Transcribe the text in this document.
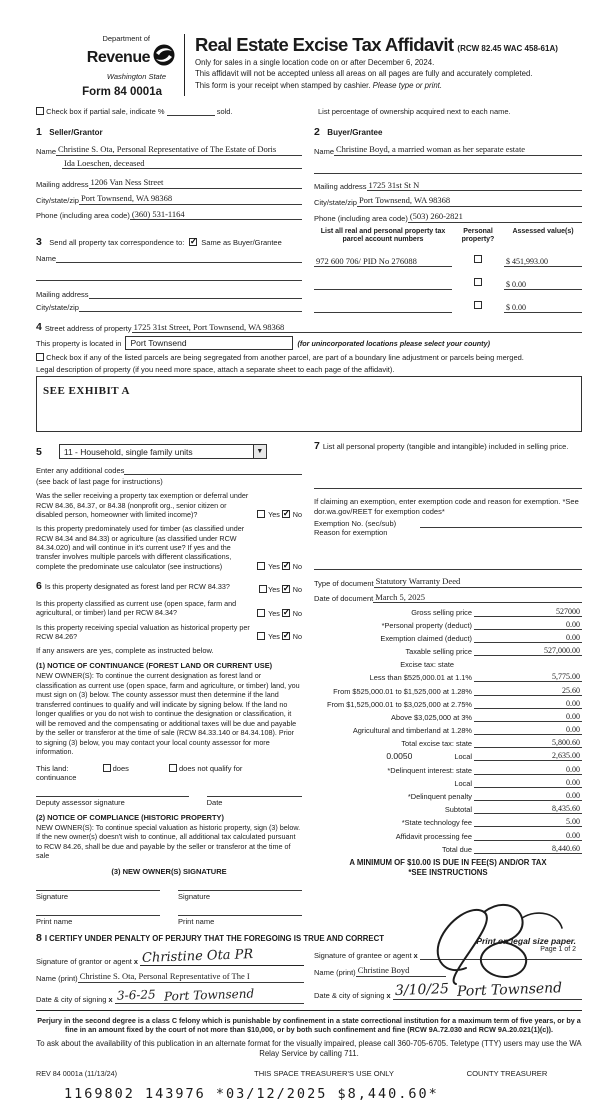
Department of
Revenue
Washington State
Form 84 0001a
Real Estate Excise Tax Affidavit (RCW 82.45 WAC 458-61A)
Only for sales in a single location code on or after December 6, 2024.
This affidavit will not be accepted unless all areas on all pages are fully and accurately completed.
This form is your receipt when stamped by cashier. Please type or print.
Check box if partial sale, indicate %	sold.	List percentage of ownership acquired next to each name.
1 Seller/Grantor
Name Christine S. Ota, Personal Representative of The Estate of Doris
Ida Loeschen, deceased
Mailing address 1206 Van Ness Street
City/state/zip Port Townsend, WA 98368
Phone (including area code) (360) 531-1164
3 Send all property tax correspondence to: ✓ Same as Buyer/Grantee
Name
Mailing address
City/state/zip
2 Buyer/Grantee
Name Christine Boyd, a married woman as her separate estate
Mailing address 1725 31st St N
City/state/zip Port Townsend, WA 98368
Phone (including area code) (503) 260-2821
List all real and personal property tax parcel account numbers
Personal property?
Assessed value(s)
972 600 706/ PID No 276088	$ 451,993.00
$ 0.00
$ 0.00
4 Street address of property 1725 31st Street, Port Townsend, WA 98368
This property is located in	Port Townsend	(for unincorporated locations please select your county)
Check box if any of the listed parcels are being segregated from another parcel, are part of a boundary line adjustment or parcels being merged.
Legal description of property (if you need more space, attach a separate sheet to each page of the affidavit).
SEE EXHIBIT A
5	11 - Household, single family units	▼
Enter any additional codes
(see back of last page for instructions)
Was the seller receiving a property tax exemption or deferral under RCW 84.36, 84.37, or 84.38 (nonprofit org., senior citizen or disabled person, homeowner with limited income)?	Yes ✓ No
Is this property predominately used for timber (as classified under RCW 84.34 and 84.33) or agriculture (as classified under RCW 84.34.020) and will continue in it's current use? If yes and the transfer involves multiple parcels with different classifications, complete the predominate use calculator (see instructions)	Yes ✓ No
6 Is this property designated as forest land per RCW 84.33?	Yes ✓ No
Is this property classified as current use (open space, farm and agricultural, or timber) land per RCW 84.34?	Yes ✓ No
Is this property receiving special valuation as historical property per RCW 84.26?	Yes ✓ No
If any answers are yes, complete as instructed below.
(1) NOTICE OF CONTINUANCE (FOREST LAND OR CURRENT USE)
NEW OWNER(S): To continue the current designation as forest land or classification as current use (open space, farm and agriculture, or timber) land, you must sign on (3) below. The county assessor must then determine if the land transferred continues to qualify and will indicate by signing below. If the land no longer qualifies or you do not wish to continue the designation or classification, it will be removed and the compensating or additional taxes will be due and payable by the seller or transferor at the time of sale (RCW 84.33.140 or 84.34.108). Prior to signing (3) below, you may contact your local county assessor for more information.
This land:
	does
	does not qualify for
continuance
Deputy assessor signature	Date
(2) NOTICE OF COMPLIANCE (HISTORIC PROPERTY)
NEW OWNER(S): To continue special valuation as historic property, sign (3) below. If the new owner(s) doesn't wish to continue, all additional tax calculated pursuant to RCW 84.26, shall be due and payable by the seller or transferor at the time of sale
(3) NEW OWNER(S) SIGNATURE
Signature	Signature
Print name	Print name
7 List all personal property (tangible and intangible) included in selling price.
If claiming an exemption, enter exemption code and reason for exemption. *See dor.wa.gov/REET for exemption codes*
Exemption No. (sec/sub)
Reason for exemption
Type of document Statutory Warranty Deed
Date of document March 5, 2025
Gross selling price	527000
*Personal property (deduct)	0.00
Exemption claimed (deduct)	0.00
Taxable selling price	527,000.00
Excise tax: state
Less than $525,000.01 at 1.1%	5,775.00
From $525,000.01 to $1,525,000 at 1.28%	25.60
From $1,525,000.01 to $3,025,000 at 2.75%	0.00
Above $3,025,000 at 3%	0.00
Agricultural and timberland at 1.28%	0.00
Total excise tax: state	5,800.60
0.0050	Local	2,635.00
*Delinquent interest: state	0.00
Local	0.00
*Delinquent penalty	0.00
Subtotal	8,435.60
*State technology fee	5.00
Affidavit processing fee	0.00
Total due	8,440.60
A MINIMUM OF $10.00 IS DUE IN FEE(S) AND/OR TAX
*SEE INSTRUCTIONS
8 I CERTIFY UNDER PENALTY OF PERJURY THAT THE FOREGOING IS TRUE AND CORRECT
Signature of grantor or agent x Christine Ota PR
Name (print) Christine S. Ota, Personal Representative of The I
Date & city of signing x 3-6-25 Port Townsend
Signature of grantee or agent x

Name (print) Christine Boyd
Date & city of signing x 3/10/25 Port Townsend
Perjury in the second degree is a class C felony which is punishable by confinement in a state correctional institution for a maximum term of five years, or by a fine in an amount fixed by the court of not more than $10,000, or by both such confinement and fine (RCW 9A.72.030 and RCW 9A.20.021(1)(c)).
To ask about the availability of this publication in an alternate format for the visually impaired, please call 360-705-6705. Teletype (TTY) users may use the WA Relay Service by calling 711.
REV 84 0001a (11/13/24)	THIS SPACE TREASURER'S USE ONLY	COUNTY TREASURER
1169802 143976 *03/12/2025 $8,440.60*
Print on legal size paper.
Page 1 of 2
